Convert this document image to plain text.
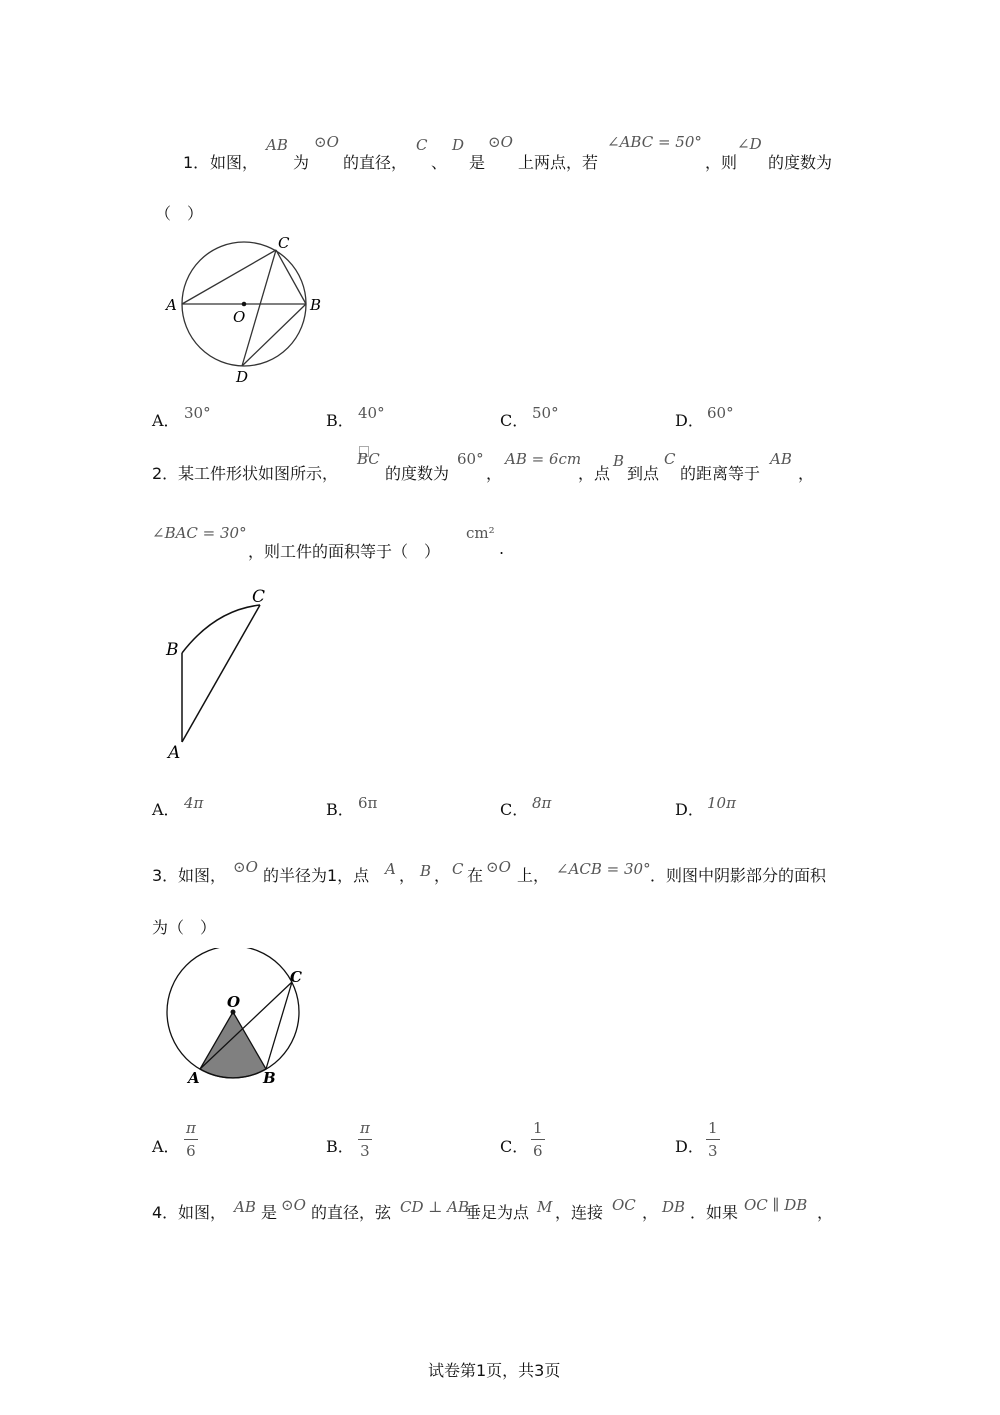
1． 如图，
AB
为
⊙O
的直径，
C
、
D
是
⊙O
上两点，若
∠ABC = 50°
，则
∠D
的度数为
（　）
A	B
C
D
O
A． 30°	B． 40°	C． 50°	D． 60°
2． 某工件形状如图所示，
BC
的度数为
60°
，
AB = 6cm
，点
B
到点
C
的距离等于
AB
，
∠BAC = 30°
，则工件的面积等于（　）
cm²
.
B
C
A
A． 4π	B． 6π	C． 8π	D． 10π
3． 如图， ⊙O 的半径为1，点 A ， B ， C 在 ⊙O 上， ∠ACB = 30° ．则图中阴影部分的面积
为（　）
O
A	B
C
A．
π
6	B．
π
3	C．
1
6	D．
1
3
4． 如图， AB 是 ⊙O 的直径，弦 CD ⊥ AB
垂足为点 M ，连接 OC ， DB ．如果 OC ∥ DB ，
试卷第1页，共3页
